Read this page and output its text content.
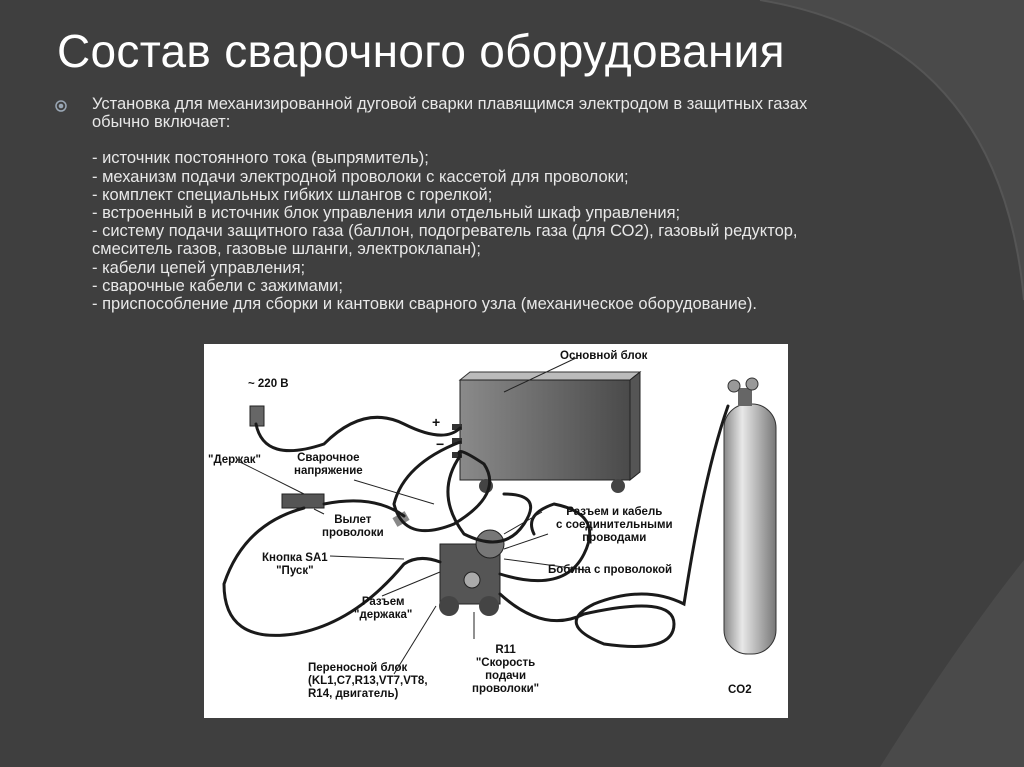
Состав сварочного оборудования
Установка для механизированной дуговой сварки плавящимся электродом в защитных газах
обычно включает:
- источник постоянного тока (выпрямитель);
- механизм подачи электродной проволоки с кассетой для проволоки;
- комплект специальных гибких шлангов с горелкой;
- встроенный в источник блок управления или отдельный шкаф управления;
- систему подачи защитного газа (баллон, подогреватель газа (для СО2), газовый редуктор,
смеситель газов, газовые шланги, электроклапан);
- кабели цепей управления;
- сварочные кабели с зажимами;
- приспособление для сборки и кантовки сварного узла (механическое оборудование).
Основной блок
~ 220 В
+
−
"Держак"	Сварочное
напряжение
Вылет
проволоки
Кнопка SA1
"Пуск"
Разъем
"держака"
Переносной блок
(KL1,C7,R13,VT7,VT8,
R14, двигатель)
R11
"Скорость
подачи
проволоки"
Разъем и кабель
с соединительными
проводами
Бобина с проволокой
CO2
